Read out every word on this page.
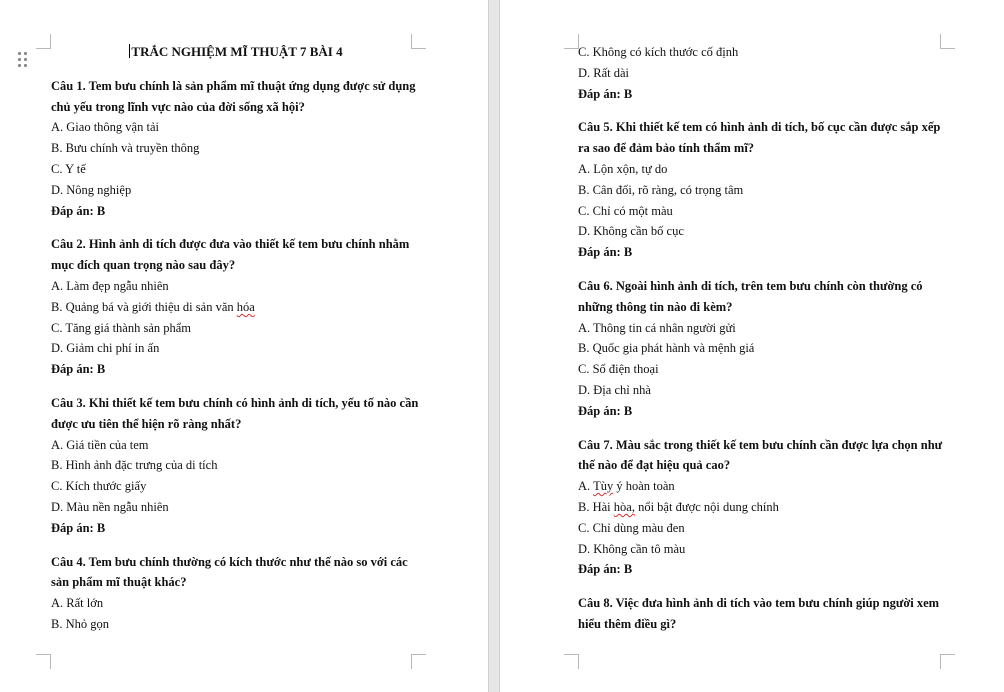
TRẮC NGHIỆM MĨ THUẬT 7 BÀI 4
Câu 1. Tem bưu chính là sản phẩm mĩ thuật ứng dụng được sử dụng
chủ yếu trong lĩnh vực nào của đời sống xã hội?
A. Giao thông vận tải
B. Bưu chính và truyền thông
C. Y tế
D. Nông nghiệp
Đáp án: B
Câu 2. Hình ảnh di tích được đưa vào thiết kế tem bưu chính nhằm
mục đích quan trọng nào sau đây?
A. Làm đẹp ngẫu nhiên
B. Quảng bá và giới thiệu di sản văn hóa
C. Tăng giá thành sản phẩm
D. Giảm chi phí in ấn
Đáp án: B
Câu 3. Khi thiết kế tem bưu chính có hình ảnh di tích, yếu tố nào cần
được ưu tiên thể hiện rõ ràng nhất?
A. Giá tiền của tem
B. Hình ảnh đặc trưng của di tích
C. Kích thước giấy
D. Màu nền ngẫu nhiên
Đáp án: B
Câu 4. Tem bưu chính thường có kích thước như thế nào so với các
sản phẩm mĩ thuật khác?
A. Rất lớn
B. Nhỏ gọn
C. Không có kích thước cố định
D. Rất dài
Đáp án: B
Câu 5. Khi thiết kế tem có hình ảnh di tích, bố cục cần được sắp xếp
ra sao để đảm bảo tính thẩm mĩ?
A. Lộn xộn, tự do
B. Cân đối, rõ ràng, có trọng tâm
C. Chỉ có một màu
D. Không cần bố cục
Đáp án: B
Câu 6. Ngoài hình ảnh di tích, trên tem bưu chính còn thường có
những thông tin nào đi kèm?
A. Thông tin cá nhân người gửi
B. Quốc gia phát hành và mệnh giá
C. Số điện thoại
D. Địa chỉ nhà
Đáp án: B
Câu 7. Màu sắc trong thiết kế tem bưu chính cần được lựa chọn như
thế nào để đạt hiệu quả cao?
A. Tùy ý hoàn toàn
B. Hài hòa, nổi bật được nội dung chính
C. Chỉ dùng màu đen
D. Không cần tô màu
Đáp án: B
Câu 8. Việc đưa hình ảnh di tích vào tem bưu chính giúp người xem
hiểu thêm điều gì?
